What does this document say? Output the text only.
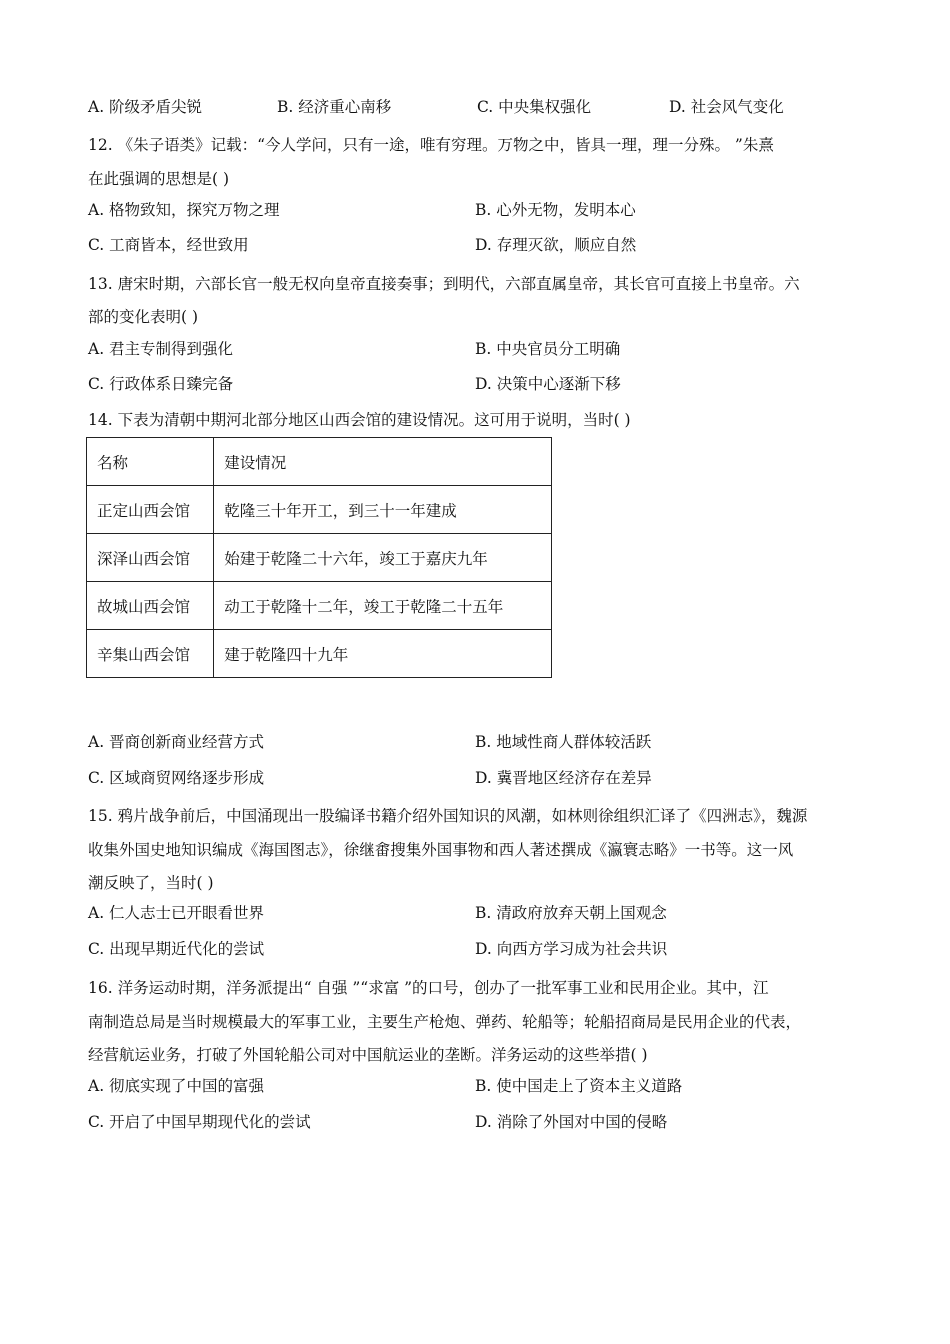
A. 阶级矛盾尖锐	B. 经济重心南移	C. 中央集权强化	D. 社会风气变化
12. 《朱子语类》记载：“今人学问，只有一途，唯有穷理。万物之中，皆具一理，理一分殊。 ”朱熹
在此强调的思想是( )
A. 格物致知，探究万物之理	B. 心外无物，发明本心
C. 工商皆本，经世致用	D. 存理灭欲，顺应自然
13. 唐宋时期，六部长官一般无权向皇帝直接奏事；到明代，六部直属皇帝，其长官可直接上书皇帝。六
部的变化表明( )
A. 君主专制得到强化	B. 中央官员分工明确
C. 行政体系日臻完备	D. 决策中心逐渐下移
14. 下表为清朝中期河北部分地区山西会馆的建设情况。这可用于说明，当时( )
名称	建设情况
正定山西会馆	乾隆三十年开工，到三十一年建成
深泽山西会馆	始建于乾隆二十六年，竣工于嘉庆九年
故城山西会馆	动工于乾隆十二年，竣工于乾隆二十五年
辛集山西会馆	建于乾隆四十九年
A. 晋商创新商业经营方式	B. 地域性商人群体较活跃
C. 区域商贸网络逐步形成	D. 冀晋地区经济存在差异
15. 鸦片战争前后，中国涌现出一股编译书籍介绍外国知识的风潮，如林则徐组织汇译了《四洲志》，魏源
收集外国史地知识编成《海国图志》，徐继畬搜集外国事物和西人著述撰成《瀛寰志略》一书等。这一风
潮反映了，当时( )
A. 仁人志士已开眼看世界	B. 清政府放弃天朝上国观念
C. 出现早期近代化的尝试	D. 向西方学习成为社会共识
16. 洋务运动时期，洋务派提出“ 自强 ”“求富 ”的口号，创办了一批军事工业和民用企业。其中，江
南制造总局是当时规模最大的军事工业，主要生产枪炮、弹药、轮船等；轮船招商局是民用企业的代表，
经营航运业务，打破了外国轮船公司对中国航运业的垄断。洋务运动的这些举措( )
A. 彻底实现了中国的富强	B. 使中国走上了资本主义道路
C. 开启了中国早期现代化的尝试	D. 消除了外国对中国的侵略
